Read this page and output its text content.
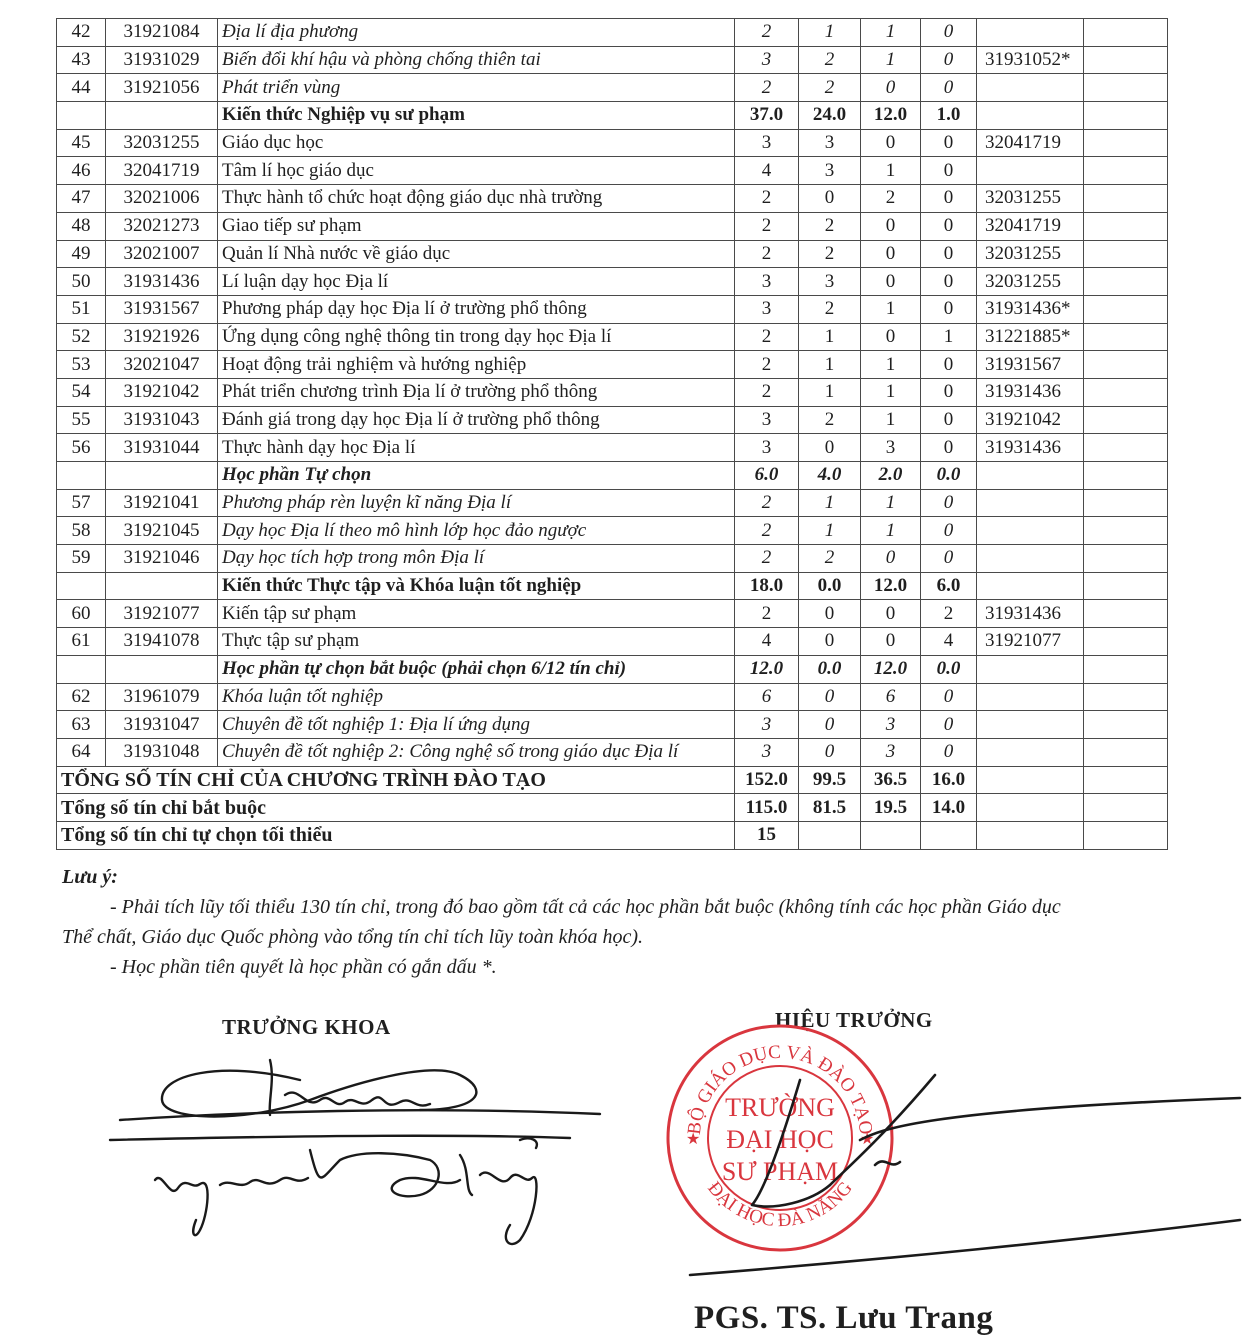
42	31921084	Địa lí địa phương	2	1	1	0		
43	31931029	Biến đổi khí hậu và phòng chống thiên tai	3	2	1	0	31931052*	
44	31921056	Phát triển vùng	2	2	0	0		
		Kiến thức Nghiệp vụ sư phạm	37.0	24.0	12.0	1.0		
45	32031255	Giáo dục học	3	3	0	0	32041719	
46	32041719	Tâm lí học giáo dục	4	3	1	0		
47	32021006	Thực hành tổ chức hoạt động giáo dục nhà trường	2	0	2	0	32031255	
48	32021273	Giao tiếp sư phạm	2	2	0	0	32041719	
49	32021007	Quản lí Nhà nước về giáo dục	2	2	0	0	32031255	
50	31931436	Lí luận dạy học Địa lí	3	3	0	0	32031255	
51	31931567	Phương pháp dạy học Địa lí ở trường phổ thông	3	2	1	0	31931436*	
52	31921926	Ứng dụng công nghệ thông tin trong dạy học Địa lí	2	1	0	1	31221885*	
53	32021047	Hoạt động trải nghiệm và hướng nghiệp	2	1	1	0	31931567	
54	31921042	Phát triển chương trình Địa lí ở trường phổ thông	2	1	1	0	31931436	
55	31931043	Đánh giá trong dạy học Địa lí ở trường phổ thông	3	2	1	0	31921042	
56	31931044	Thực hành dạy học Địa lí	3	0	3	0	31931436	
		Học phần Tự chọn	6.0	4.0	2.0	0.0		
57	31921041	Phương pháp rèn luyện kĩ năng Địa lí	2	1	1	0		
58	31921045	Dạy học Địa lí theo mô hình lớp học đảo ngược	2	1	1	0		
59	31921046	Dạy học tích hợp trong môn Địa lí	2	2	0	0		
		Kiến thức Thực tập và Khóa luận tốt nghiệp	18.0	0.0	12.0	6.0		
60	31921077	Kiến tập sư phạm	2	0	0	2	31931436	
61	31941078	Thực tập sư phạm	4	0	0	4	31921077	
		Học phần tự chọn bắt buộc (phải chọn 6/12 tín chỉ)	12.0	0.0	12.0	0.0		
62	31961079	Khóa luận tốt nghiệp	6	0	6	0		
63	31931047	Chuyên đề tốt nghiệp 1: Địa lí ứng dụng	3	0	3	0		
64	31931048	Chuyên đề tốt nghiệp 2: Công nghệ số trong giáo dục Địa lí	3	0	3	0		
TỔNG SỐ TÍN CHỈ CỦA CHƯƠNG TRÌNH ĐÀO TẠO			152.0	99.5	36.5	16.0		
Tổng số tín chỉ bắt buộc			115.0	81.5	19.5	14.0		
Tổng số tín chỉ tự chọn tối thiểu			15					
Lưu ý:
- Phải tích lũy tối thiểu 130 tín chỉ, trong đó bao gồm tất cả các học phần bắt buộc (không tính các học phần Giáo dục
Thể chất, Giáo dục Quốc phòng vào tổng tín chỉ tích lũy toàn khóa học).
- Học phần tiên quyết là học phần có gắn dấu *.
TRƯỞNG KHOA	HIỆU TRƯỞNG
BỘ GIÁO DỤC VÀ ĐÀO TẠO
ĐẠI HỌC ĐÀ NẴNG
TRƯỜNG
ĐẠI HỌC
SƯ PHẠM
★	★
PGS. TS. Lưu Trang
